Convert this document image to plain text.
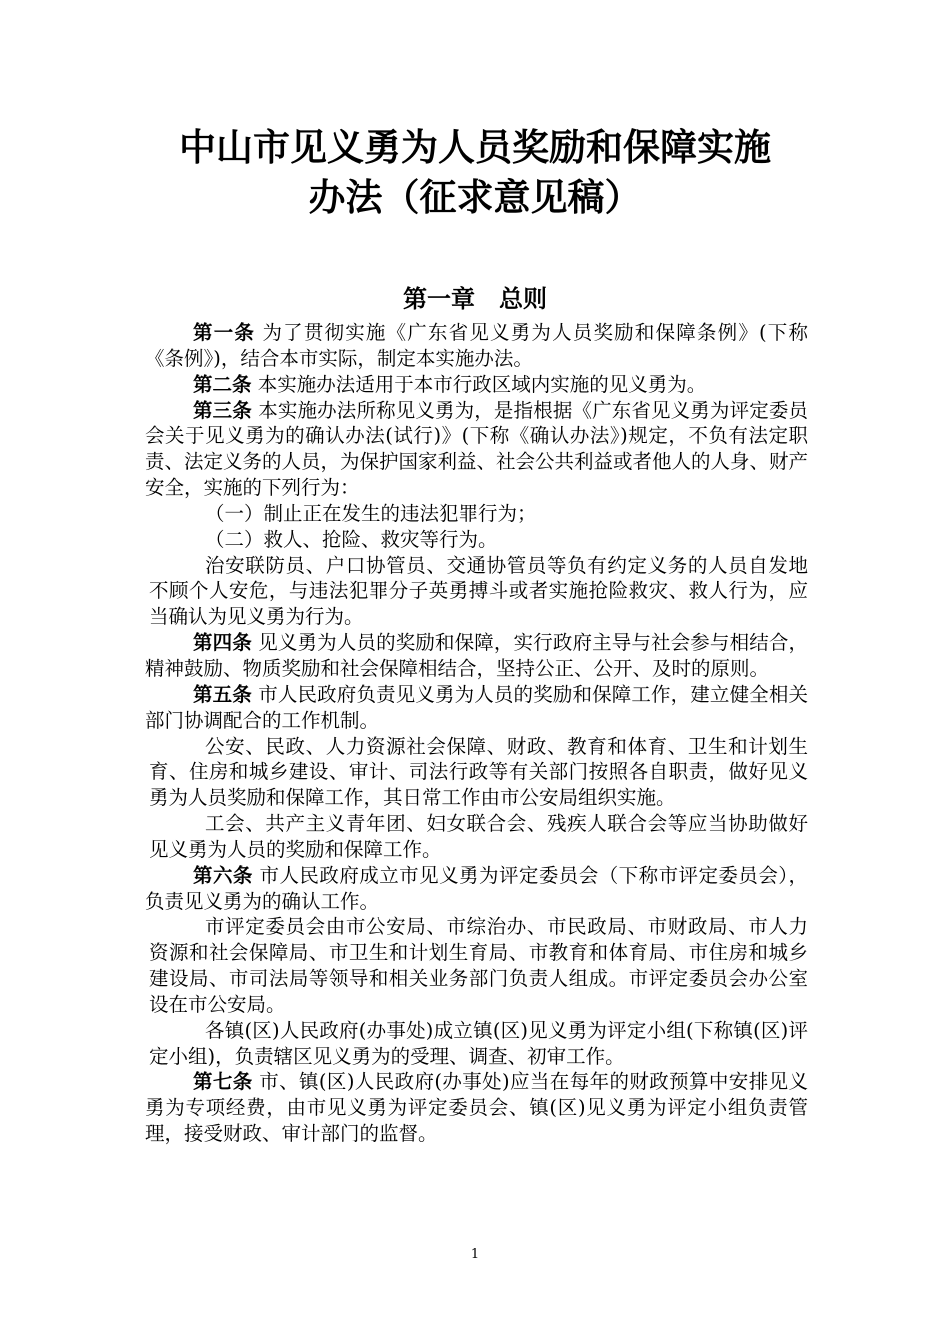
中山市见义勇为人员奖励和保障实施
办法（征求意见稿）
第一章 总则

第一条 为了贯彻实施《广东省见义勇为人员奖励和保障条例》(下称《条例》)，结合本市实际，制定本实施办法。

第二条 本实施办法适用于本市行政区域内实施的见义勇为。

第三条 本实施办法所称见义勇为，是指根据《广东省见义勇为评定委员会关于见义勇为的确认办法(试行)》(下称《确认办法》)规定，不负有法定职责、法定义务的人员，为保护国家利益、社会公共利益或者他人的人身、财产安全，实施的下列行为：

（一）制止正在发生的违法犯罪行为；

（二）救人、抢险、救灾等行为。

治安联防员、户口协管员、交通协管员等负有约定义务的人员自发地不顾个人安危，与违法犯罪分子英勇搏斗或者实施抢险救灾、救人行为，应当确认为见义勇为行为。

第四条 见义勇为人员的奖励和保障，实行政府主导与社会参与相结合，精神鼓励、物质奖励和社会保障相结合，坚持公正、公开、及时的原则。

第五条 市人民政府负责见义勇为人员的奖励和保障工作，建立健全相关部门协调配合的工作机制。

公安、民政、人力资源社会保障、财政、教育和体育、卫生和计划生育、住房和城乡建设、审计、司法行政等有关部门按照各自职责，做好见义勇为人员奖励和保障工作，其日常工作由市公安局组织实施。

工会、共产主义青年团、妇女联合会、残疾人联合会等应当协助做好见义勇为人员的奖励和保障工作。

第六条 市人民政府成立市见义勇为评定委员会（下称市评定委员会），负责见义勇为的确认工作。

市评定委员会由市公安局、市综治办、市民政局、市财政局、市人力资源和社会保障局、市卫生和计划生育局、市教育和体育局、市住房和城乡建设局、市司法局等领导和相关业务部门负责人组成。市评定委员会办公室设在市公安局。

各镇(区)人民政府(办事处)成立镇(区)见义勇为评定小组(下称镇(区)评定小组)，负责辖区见义勇为的受理、调查、初审工作。

第七条 市、镇(区)人民政府(办事处)应当在每年的财政预算中安排见义勇为专项经费，由市见义勇为评定委员会、镇(区)见义勇为评定小组负责管理，接受财政、审计部门的监督。

1
